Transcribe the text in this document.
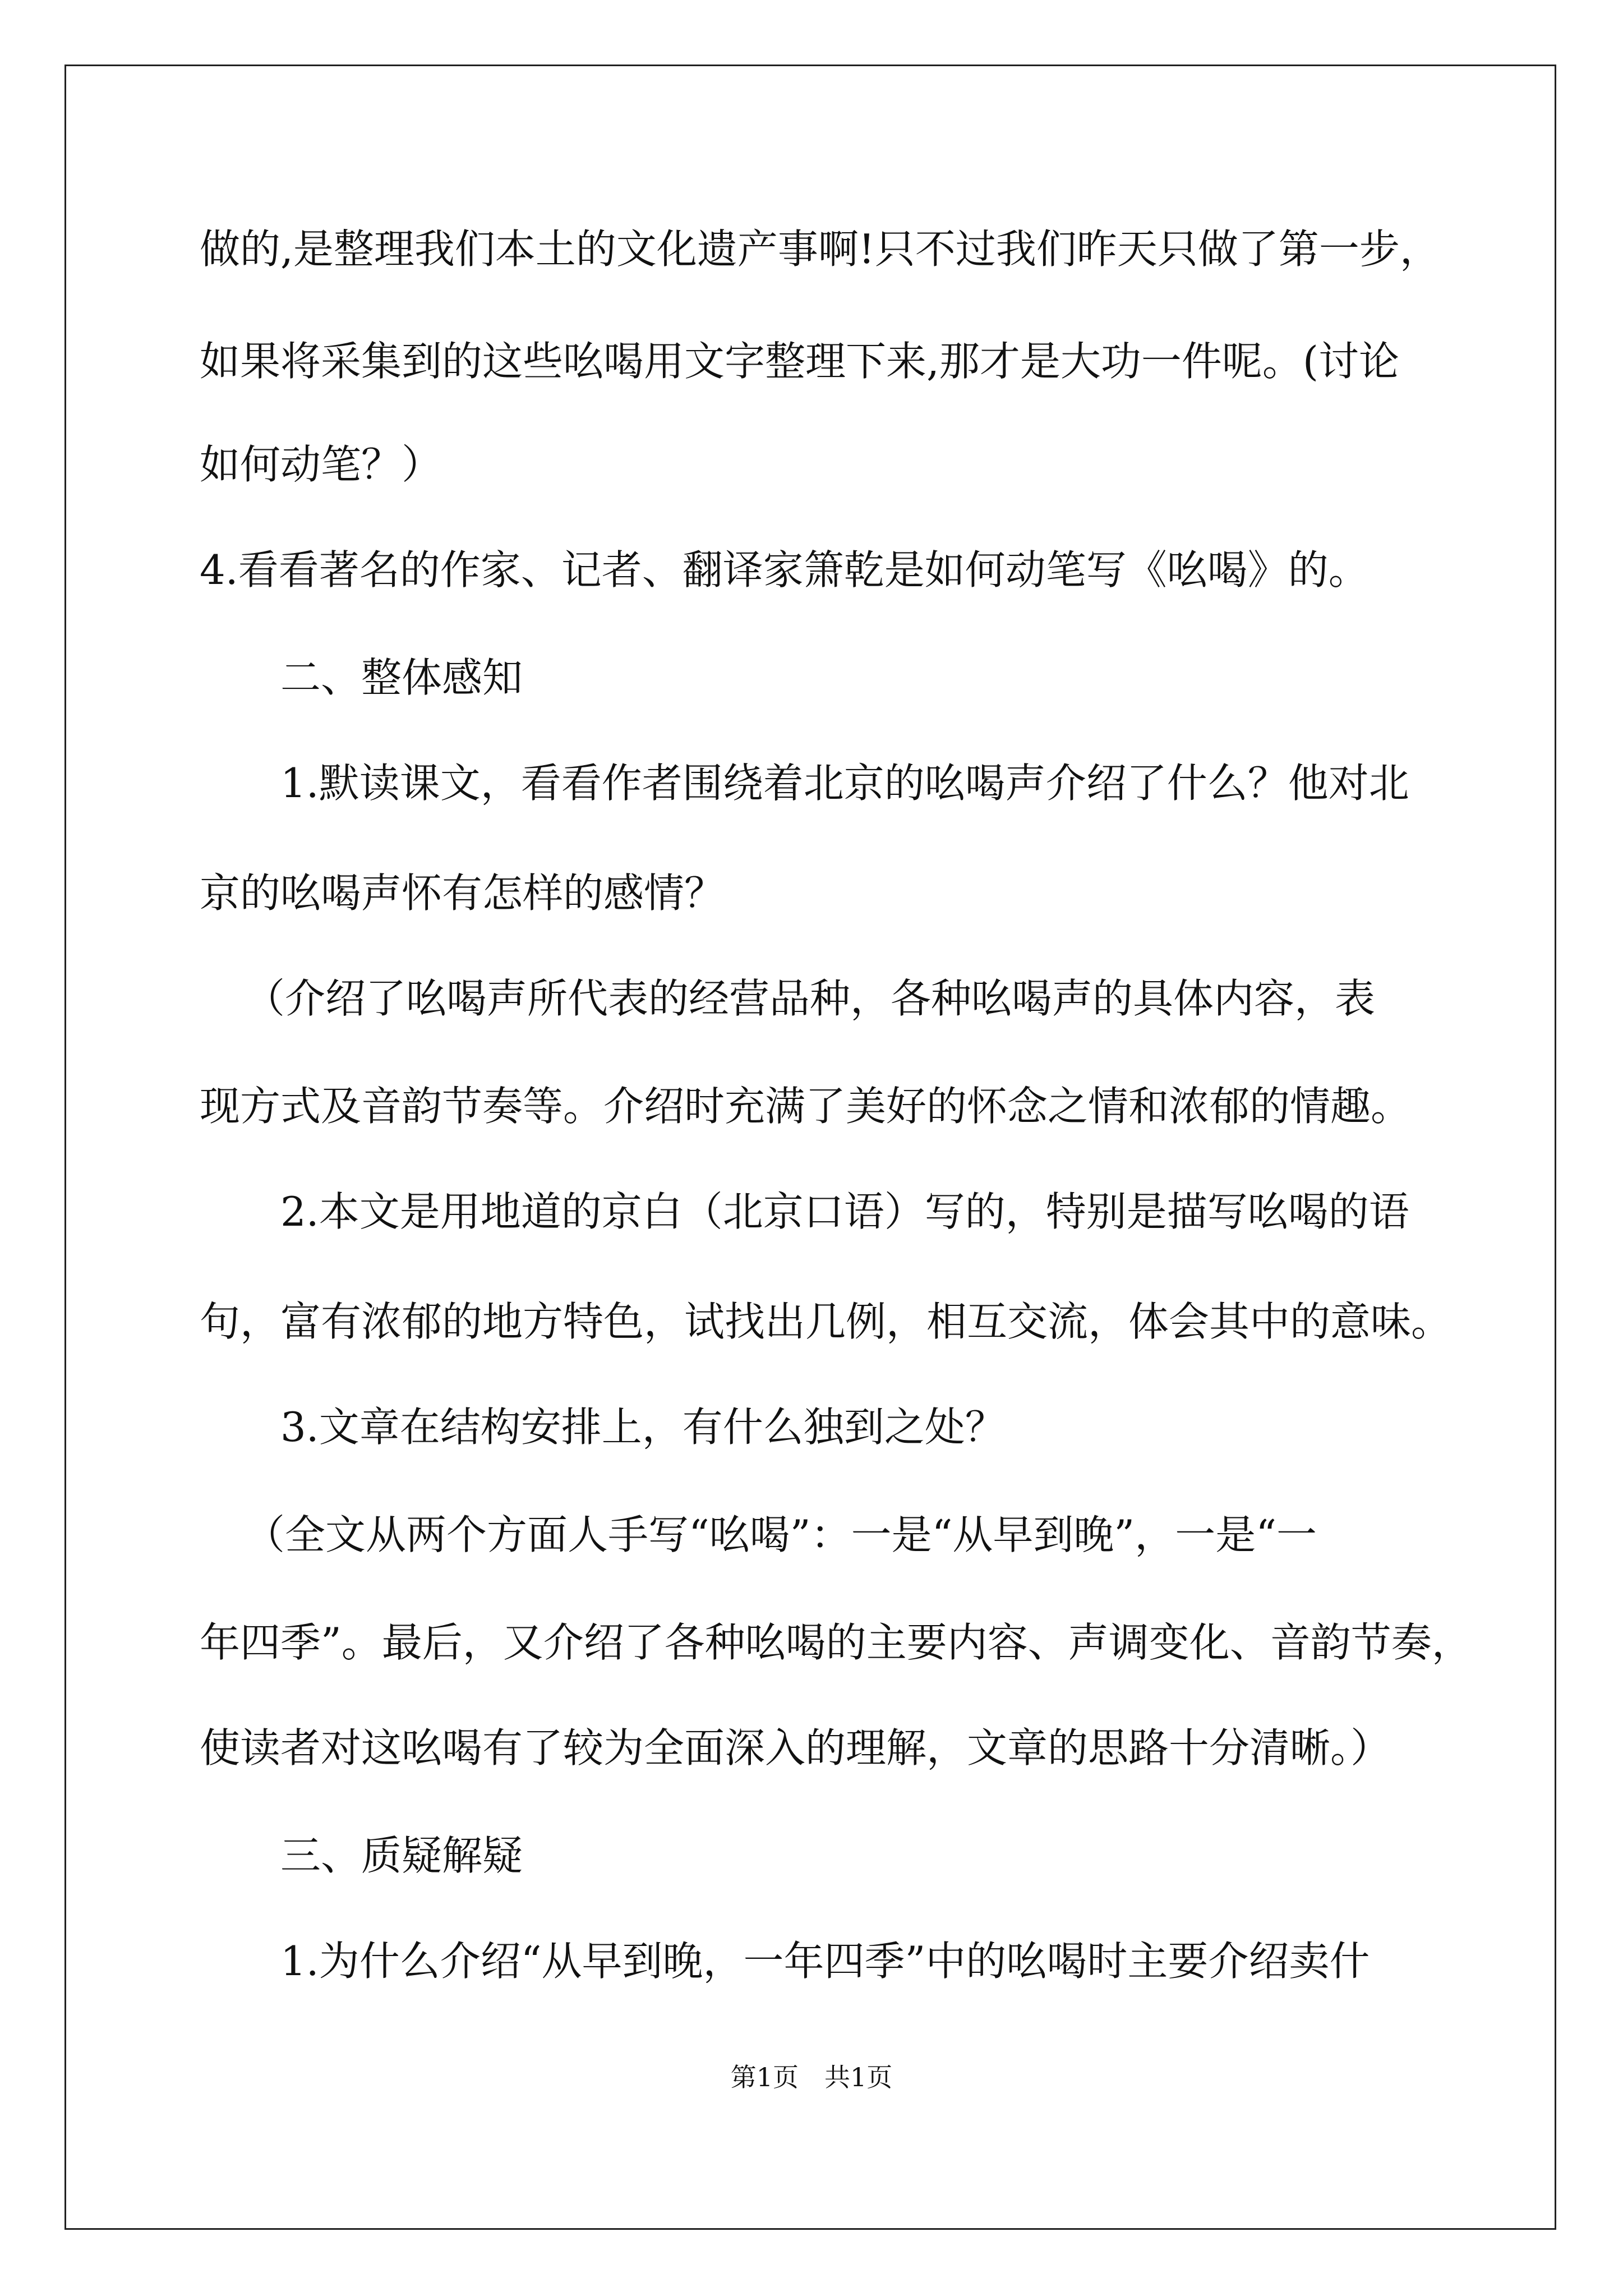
做的,是整理我们本土的文化遗产事啊!只不过我们昨天只做了第一步，
如果将采集到的这些吆喝用文字整理下来,那才是大功一件呢。(讨论
如何动笔？）
4.看看著名的作家、记者、翻译家箫乾是如何动笔写《吆喝》的。
二、整体感知
1.默读课文，看看作者围绕着北京的吆喝声介绍了什么？他对北
京的吆喝声怀有怎样的感情？
（介绍了吆喝声所代表的经营品种，各种吆喝声的具体内容，表
现方式及音韵节奏等。介绍时充满了美好的怀念之情和浓郁的情趣。
2.本文是用地道的京白（北京口语）写的，特别是描写吆喝的语
句，富有浓郁的地方特色，试找出几例，相互交流，体会其中的意味。
3.文章在结构安排上，有什么独到之处？
（全文从两个方面人手写“吆喝”：一是“从早到晚”，一是“一
年四季”。最后，又介绍了各种吆喝的主要内容、声调变化、音韵节奏，
使读者对这吆喝有了较为全面深入的理解，文章的思路十分清晰。）
三、质疑解疑
1.为什么介绍“从早到晚，一年四季”中的吆喝时主要介绍卖什
第1页　共1页
